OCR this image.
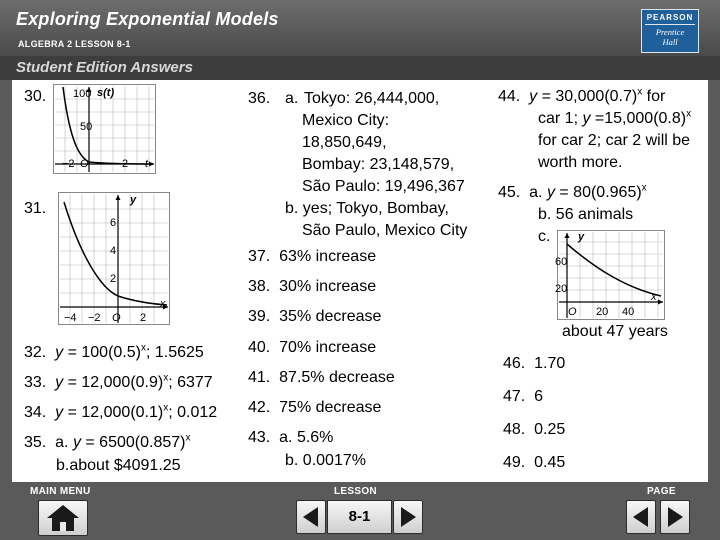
Exploring Exponential Models
ALGEBRA 2 LESSON 8-1
PEARSON
Prentice
Hall
Student Edition Answers
30. 100
50
s(t)
−2 O	2 t
31.	y
6
4
2
x
−4 −2 O 2
32. $y = 100(0.5)^x$; 1.5625
33. $y = 12,000(0.9)^x$; 6377
34. $y = 12,000(0.1)^x$; 0.012
35. a. $y = 6500(0.857)^x$
b.about $4091.25
36. a. Tokyo: 26,444,000,
Mexico City:
18,850,649,
Bombay: 23,148,579,
São Paulo: 19,496,367
b. yes; Tokyo, Bombay,
São Paulo, Mexico City
37. 63% increase
38. 30% increase
39. 35% decrease
40. 70% increase
41. 87.5% decrease
42. 75% decrease
43. a. 5.6%
b. 0.0017%
44. $y = 30,000(0.7)^x$ for
car 1; $y =15,000(0.8)^x$
for car 2; car 2 will be
worth more.
45. a. $y = 80(0.965)^x$
b. 56 animals
c.	y
60
20
x
O 20 40
about 47 years
46. 1.70
47. 6
48. 0.25
49. 0.45
MAIN MENU	LESSON	PAGE
8-1
